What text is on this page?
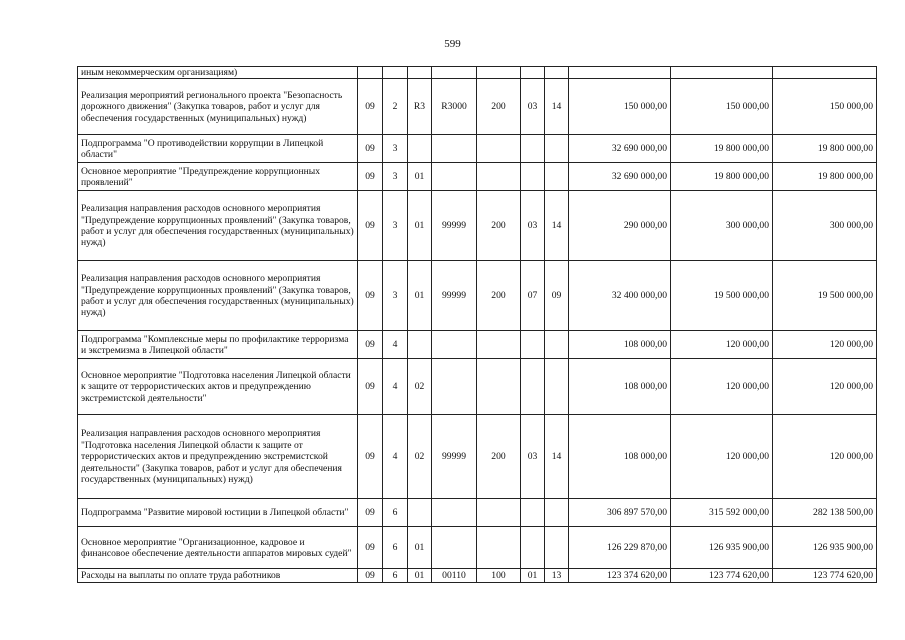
599
иным некоммерческим организациям)										
Реализация мероприятий регионального проекта "Безопасность дорожного движения" (Закупка товаров, работ и услуг для обеспечения государственных (муниципальных) нужд)	09	2	R3	R3000	200	03	14	150 000,00	150 000,00	150 000,00
Подпрограмма "О противодействии коррупции в Липецкой области"	09	3						32 690 000,00	19 800 000,00	19 800 000,00
Основное мероприятие "Предупреждение коррупционных проявлений"	09	3	01					32 690 000,00	19 800 000,00	19 800 000,00
Реализация направления расходов основного мероприятия "Предупреждение коррупционных проявлений" (Закупка товаров, работ и услуг для обеспечения государственных (муниципальных) нужд)	09	3	01	99999	200	03	14	290 000,00	300 000,00	300 000,00
Реализация направления расходов основного мероприятия "Предупреждение коррупционных проявлений" (Закупка товаров, работ и услуг для обеспечения государственных (муниципальных) нужд)	09	3	01	99999	200	07	09	32 400 000,00	19 500 000,00	19 500 000,00
Подпрограмма "Комплексные меры по профилактике терроризма и экстремизма в Липецкой области"	09	4						108 000,00	120 000,00	120 000,00
Основное мероприятие "Подготовка населения Липецкой области к защите от террористических актов и предупреждению экстремистской деятельности"	09	4	02					108 000,00	120 000,00	120 000,00
Реализация направления расходов основного мероприятия "Подготовка населения Липецкой области к защите от террористических актов и предупреждению экстремистской деятельности" (Закупка товаров, работ и услуг для обеспечения государственных (муниципальных) нужд)	09	4	02	99999	200	03	14	108 000,00	120 000,00	120 000,00
Подпрограмма "Развитие мировой юстиции в Липецкой области"	09	6						306 897 570,00	315 592 000,00	282 138 500,00
Основное мероприятие "Организационное, кадровое и финансовое обеспечение деятельности аппаратов мировых судей"	09	6	01					126 229 870,00	126 935 900,00	126 935 900,00
Расходы на выплаты по оплате труда работников	09	6	01	00110	100	01	13	123 374 620,00	123 774 620,00	123 774 620,00
